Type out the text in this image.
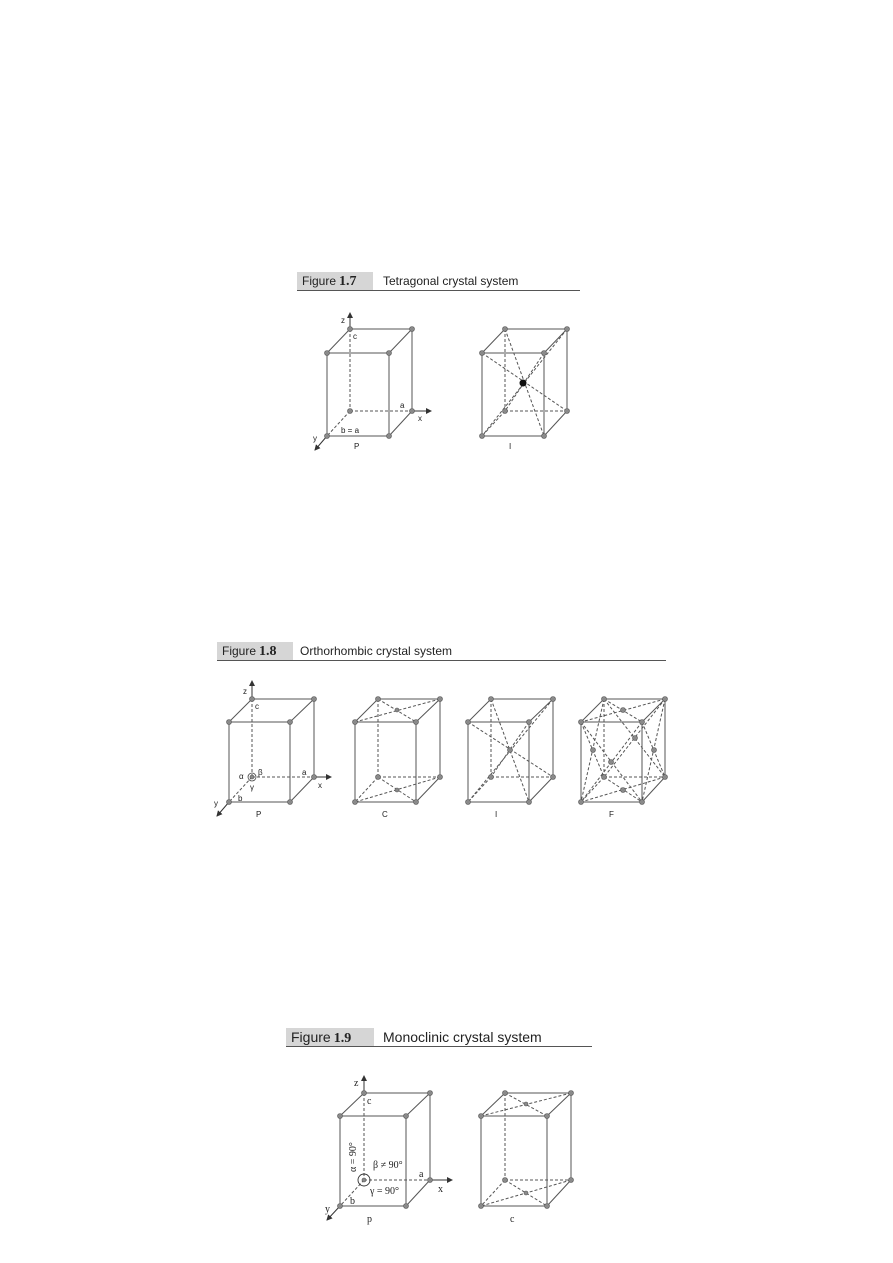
Figure 1.7	Tetragonal crystal system
Figure 1.8	Orthorhombic crystal system
Figure 1.9	Monoclinic crystal system
z
c
a
x
y
b = a
P	I
z
c
a
x
y
b
α β
γ
P	C	I	F
z
c
a
x
y
b
α = 90° β ≠ 90°
γ = 90°
p	c
